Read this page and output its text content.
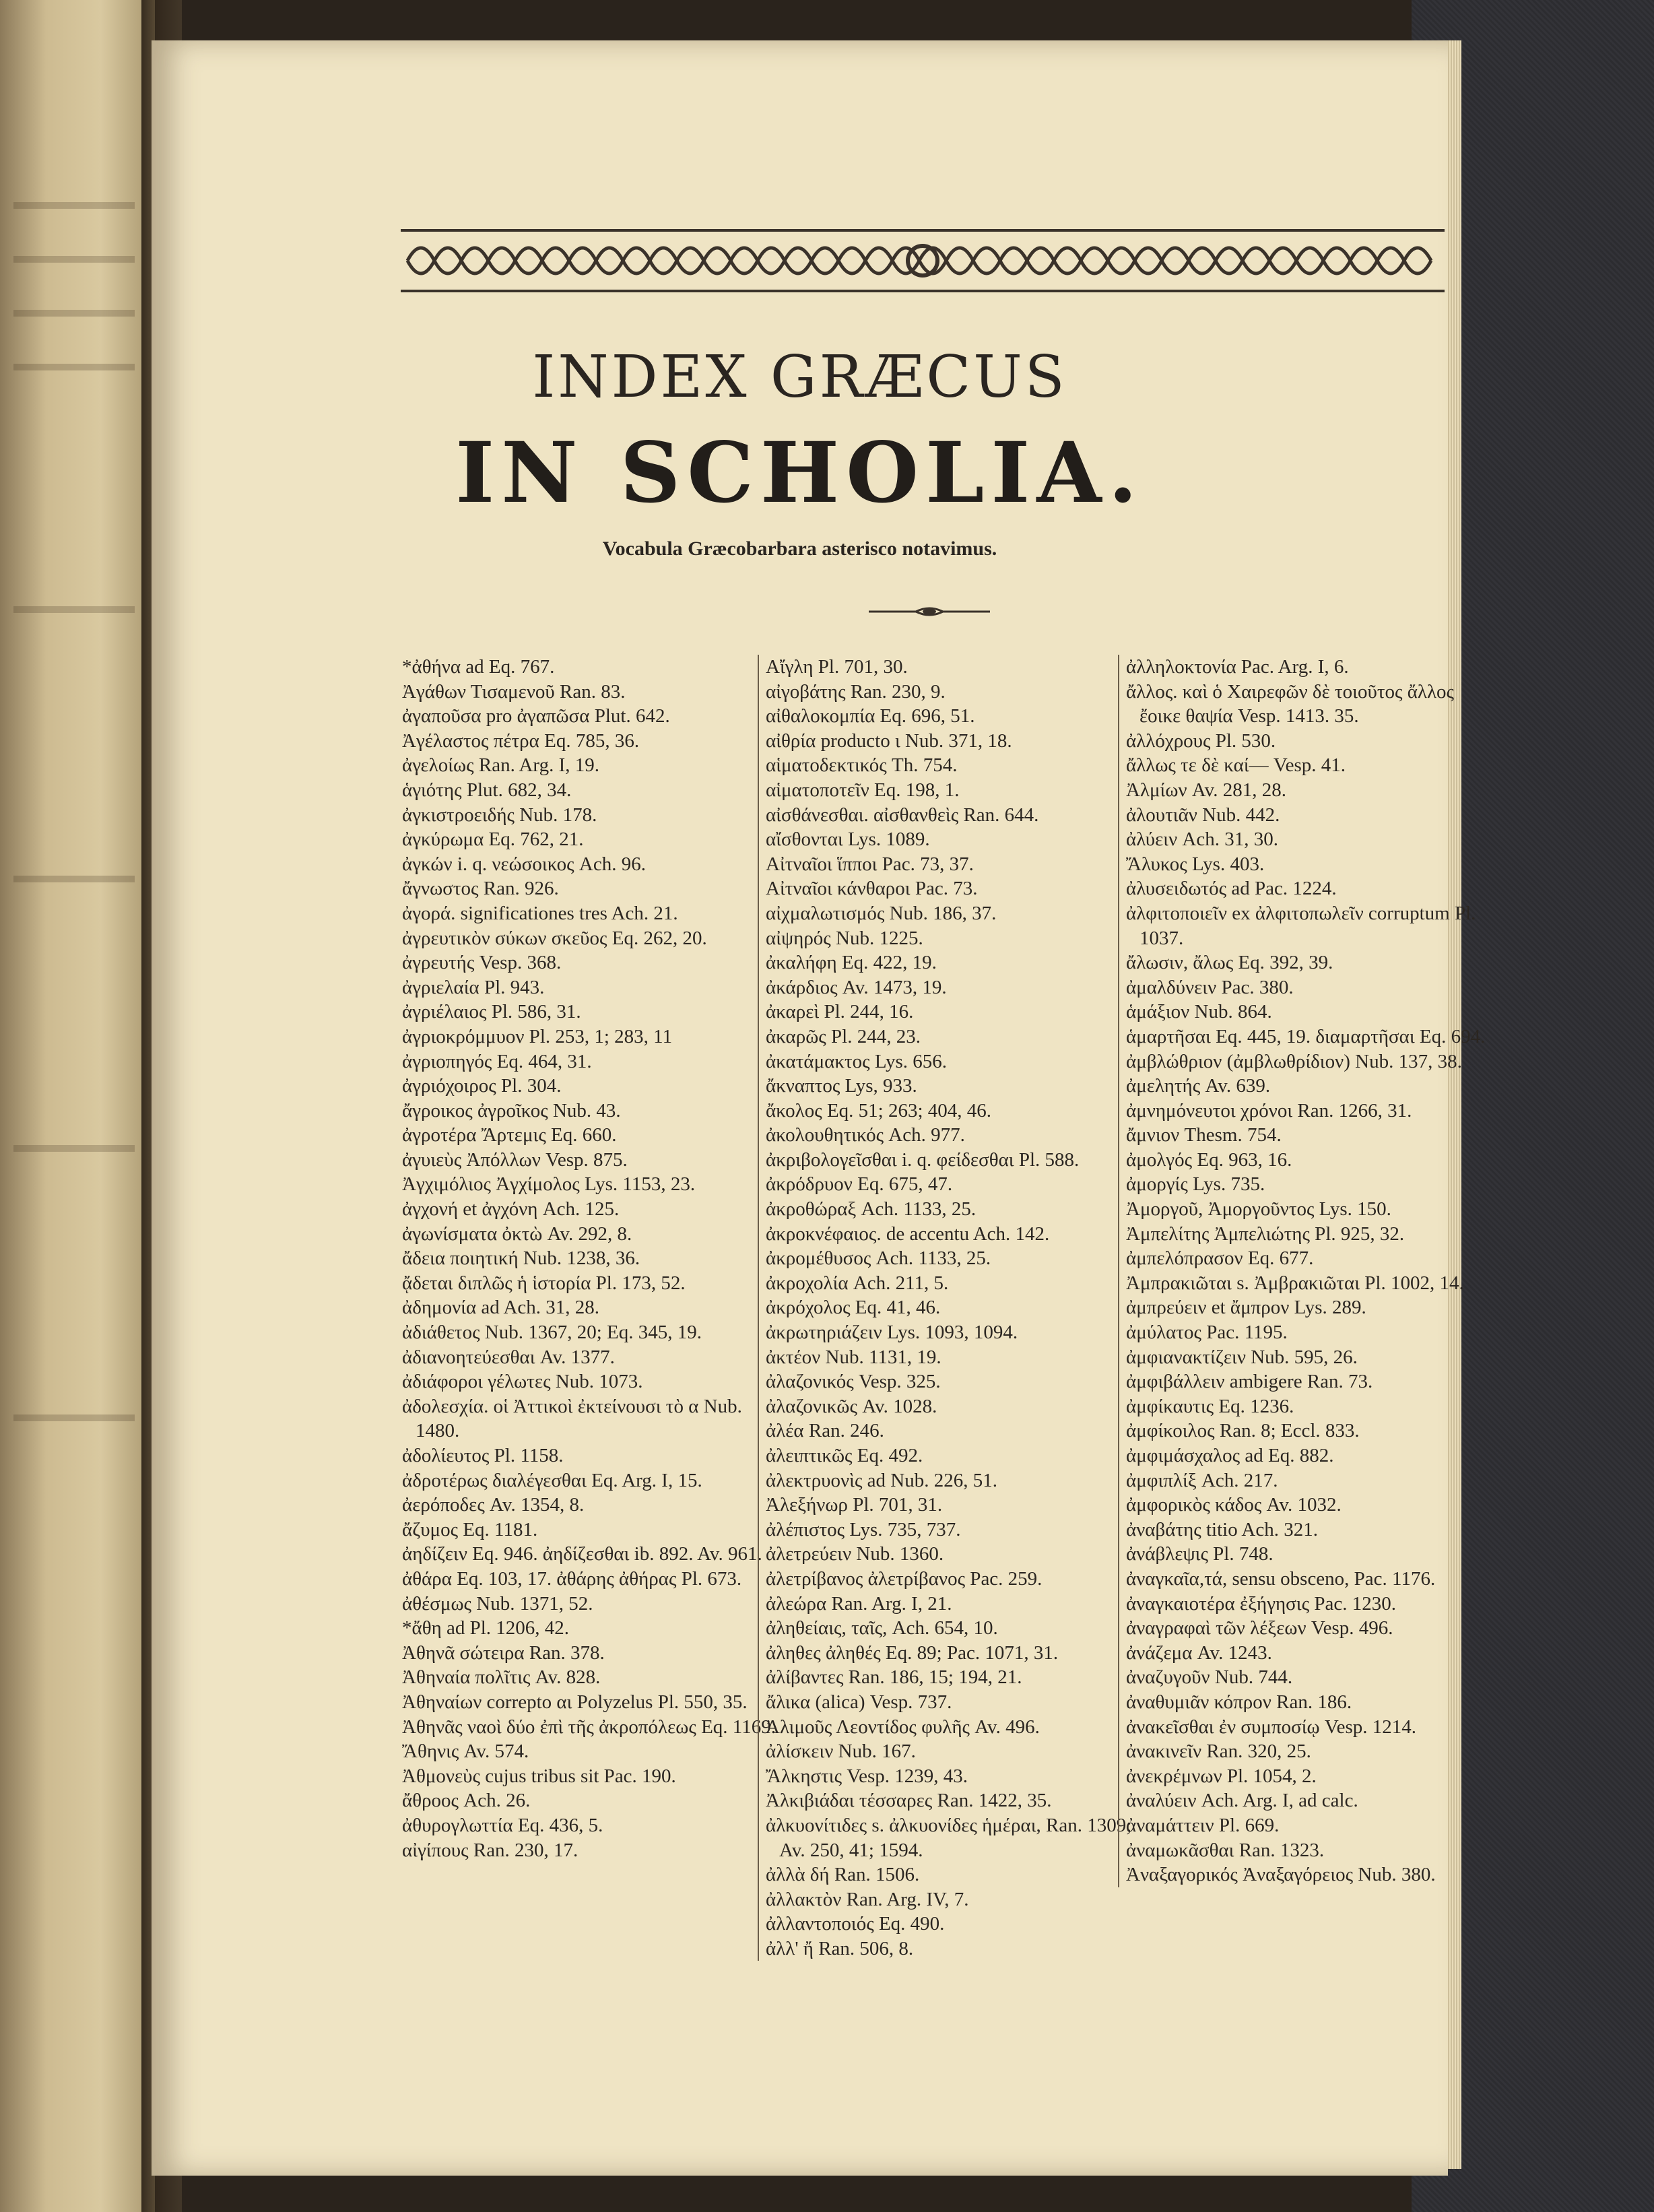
INDEX GRÆCUS
IN SCHOLIA.
Vocabula Græcobarbara asterisco notavimus.
*ἀθήνα ad Eq. 767.
Ἀγάθων Τισαμενοῦ Ran. 83.
ἀγαποῦσα pro ἀγαπῶσα Plut. 642.
Ἀγέλαστος πέτρα Eq. 785, 36.
ἀγελοίως Ran. Arg. I, 19.
ἁγιότης Plut. 682, 34.
ἀγκιστροειδής Nub. 178.
ἀγκύρωμα Eq. 762, 21.
ἀγκών i. q. νεώσοικος Ach. 96.
ἄγνωστος Ran. 926.
ἀγορά. significationes tres Ach. 21.
ἀγρευτικὸν σύκων σκεῦος Eq. 262, 20.
ἀγρευτής Vesp. 368.
ἀγριελαία Pl. 943.
ἀγριέλαιος Pl. 586, 31.
ἀγριοκρόμμυον Pl. 253, 1; 283, 11
ἀγριοπηγός Eq. 464, 31.
ἀγριόχοιρος Pl. 304.
ἄγροικος ἀγροῖκος Nub. 43.
ἀγροτέρα Ἄρτεμις Eq. 660.
ἀγυιεὺς Ἀπόλλων Vesp. 875.
Ἀγχιμόλιος Ἀγχίμολος Lys. 1153, 23.
ἀγχονή et ἀγχόνη Ach. 125.
ἀγωνίσματα ὀκτὼ Av. 292, 8.
ἄδεια ποιητική Nub. 1238, 36.
ᾄδεται διπλῶς ἡ ἱστορία Pl. 173, 52.
ἀδημονία ad Ach. 31, 28.
ἀδιάθετος Nub. 1367, 20; Eq. 345, 19.
ἀδιανοητεύεσθαι Av. 1377.
ἀδιάφοροι γέλωτες Nub. 1073.
ἀδολεσχία. οἱ Ἀττικοὶ ἐκτείνουσι τὸ α Nub. 1480.
ἀδολίευτος Pl. 1158.
ἀδροτέρως διαλέγεσθαι Eq. Arg. I, 15.
ἀερόποδες Av. 1354, 8.
ἄζυμος Eq. 1181.
ἀηδίζειν Eq. 946. ἀηδίζεσθαι ib. 892. Av. 961.
ἀθάρα Eq. 103, 17. ἀθάρης ἀθήρας Pl. 673.
ἀθέσμως Nub. 1371, 52.
*ἄθη ad Pl. 1206, 42.
Ἀθηνᾶ σώτειρα Ran. 378.
Ἀθηναία πολῖτις Av. 828.
Ἀθηναίων correpto αι Polyzelus Pl. 550, 35.
Ἀθηνᾶς ναοὶ δύο ἐπὶ τῆς ἀκροπόλεως Eq. 1169.
Ἄθηνις Av. 574.
Ἀθμονεὺς cujus tribus sit Pac. 190.
ἄθροος Ach. 26.
ἀθυρογλωττία Eq. 436, 5.
αἰγίπους Ran. 230, 17.
Αἴγλη Pl. 701, 30.
αἰγοβάτης Ran. 230, 9.
αἰθαλοκομπία Eq. 696, 51.
αἰθρία producto ι Nub. 371, 18.
αἱματοδεκτικός Th. 754.
αἱματοποτεῖν Eq. 198, 1.
αἰσθάνεσθαι. αἰσθανθεὶς Ran. 644.
αἴσθονται Lys. 1089.
Αἰτναῖοι ἵπποι Pac. 73, 37.
Αἰτναῖοι κάνθαροι Pac. 73.
αἰχμαλωτισμός Nub. 186, 37.
αἰψηρός Nub. 1225.
ἀκαλήφη Eq. 422, 19.
ἀκάρδιος Av. 1473, 19.
ἀκαρεὶ Pl. 244, 16.
ἀκαρῶς Pl. 244, 23.
ἀκατάμακτος Lys. 656.
ἄκναπτος Lys, 933.
ἄκολος Eq. 51; 263; 404, 46.
ἀκολουθητικός Ach. 977.
ἀκριβολογεῖσθαι i. q. φείδεσθαι Pl. 588.
ἀκρόδρυον Eq. 675, 47.
ἀκροθώραξ Ach. 1133, 25.
ἀκροκνέφαιος. de accentu Ach. 142.
ἀκρομέθυσος Ach. 1133, 25.
ἀκροχολία Ach. 211, 5.
ἀκρόχολος Eq. 41, 46.
ἀκρωτηριάζειν Lys. 1093, 1094.
ἀκτέον Nub. 1131, 19.
ἀλαζονικός Vesp. 325.
ἀλαζονικῶς Av. 1028.
ἀλέα Ran. 246.
ἀλειπτικῶς Eq. 492.
ἀλεκτρυονὶς ad Nub. 226, 51.
Ἀλεξήνωρ Pl. 701, 31.
ἀλέπιστος Lys. 735, 737.
ἀλετρεύειν Nub. 1360.
ἀλετρίβανος ἀλετρίβανος Pac. 259.
ἀλεώρα Ran. Arg. I, 21.
ἀληθείαις, ταῖς, Ach. 654, 10.
ἀληθες ἀληθές Eq. 89; Pac. 1071, 31.
ἀλίβαντες Ran. 186, 15; 194, 21.
ἄλικα (alica) Vesp. 737.
Ἀλιμοῦς Λεοντίδος φυλῆς Av. 496.
ἀλίσκειν Nub. 167.
Ἄλκηστις Vesp. 1239, 43.
Ἀλκιβιάδαι τέσσαρες Ran. 1422, 35.
ἀλκυονίτιδες s. ἀλκυονίδες ἡμέραι, Ran. 1309; Av. 250, 41; 1594.
ἀλλὰ δή Ran. 1506.
ἀλλακτὸν Ran. Arg. IV, 7.
ἀλλαντοποιός Eq. 490.
ἀλλ' ἤ Ran. 506, 8.
ἀλληλοκτονία Pac. Arg. I, 6.
ἄλλος. καὶ ὁ Χαιρεφῶν δὲ τοιοῦτος ἄλλος ἔοικε θαψία Vesp. 1413. 35.
ἀλλόχρους Pl. 530.
ἄλλως τε δὲ καί— Vesp. 41.
Ἀλμίων Av. 281, 28.
ἀλουτιᾶν Nub. 442.
ἀλύειν Ach. 31, 30.
Ἄλυκος Lys. 403.
ἀλυσειδωτός ad Pac. 1224.
ἀλφιτοποιεῖν ex ἀλφιτοπωλεῖν corruptum Pl. 1037.
ἄλωσιν, ἄλως Eq. 392, 39.
ἀμαλδύνειν Pac. 380.
ἁμάξιον Nub. 864.
ἁμαρτῆσαι Eq. 445, 19. διαμαρτῆσαι Eq. 694.
ἀμβλώθριον (ἀμβλωθρίδιον) Nub. 137, 38.
ἀμελητής Av. 639.
ἀμνημόνευτοι χρόνοι Ran. 1266, 31.
ἄμνιον Thesm. 754.
ἀμολγός Eq. 963, 16.
ἀμοργίς Lys. 735.
Ἀμοργοῦ, Ἀμοργοῦντος Lys. 150.
Ἀμπελίτης Ἀμπελιώτης Pl. 925, 32.
ἀμπελόπρασον Eq. 677.
Ἀμπρακιῶται s. Ἀμβρακιῶται Pl. 1002, 14.
ἀμπρεύειν et ἄμπρον Lys. 289.
ἀμύλατος Pac. 1195.
ἀμφιανακτίζειν Nub. 595, 26.
ἀμφιβάλλειν ambigere Ran. 73.
ἀμφίκαυτις Eq. 1236.
ἀμφίκοιλος Ran. 8; Eccl. 833.
ἀμφιμάσχαλος ad Eq. 882.
ἀμφιπλίξ Ach. 217.
ἀμφορικὸς κάδος Av. 1032.
ἀναβάτης titio Ach. 321.
ἀνάβλεψις Pl. 748.
ἀναγκαῖα,τά, sensu obsceno, Pac. 1176.
ἀναγκαιοτέρα ἐξήγησις Pac. 1230.
ἀναγραφαὶ τῶν λέξεων Vesp. 496.
ἀνάζεμα Av. 1243.
ἀναζυγοῦν Nub. 744.
ἀναθυμιᾶν κόπρον Ran. 186.
ἀνακεῖσθαι ἐν συμποσίῳ Vesp. 1214.
ἀνακινεῖν Ran. 320, 25.
ἀνεκρέμνων Pl. 1054, 2.
ἀναλύειν Ach. Arg. I, ad calc.
ἀναμάττειν Pl. 669.
ἀναμωκᾶσθαι Ran. 1323.
Ἀναξαγορικός Ἀναξαγόρειος Nub. 380.
